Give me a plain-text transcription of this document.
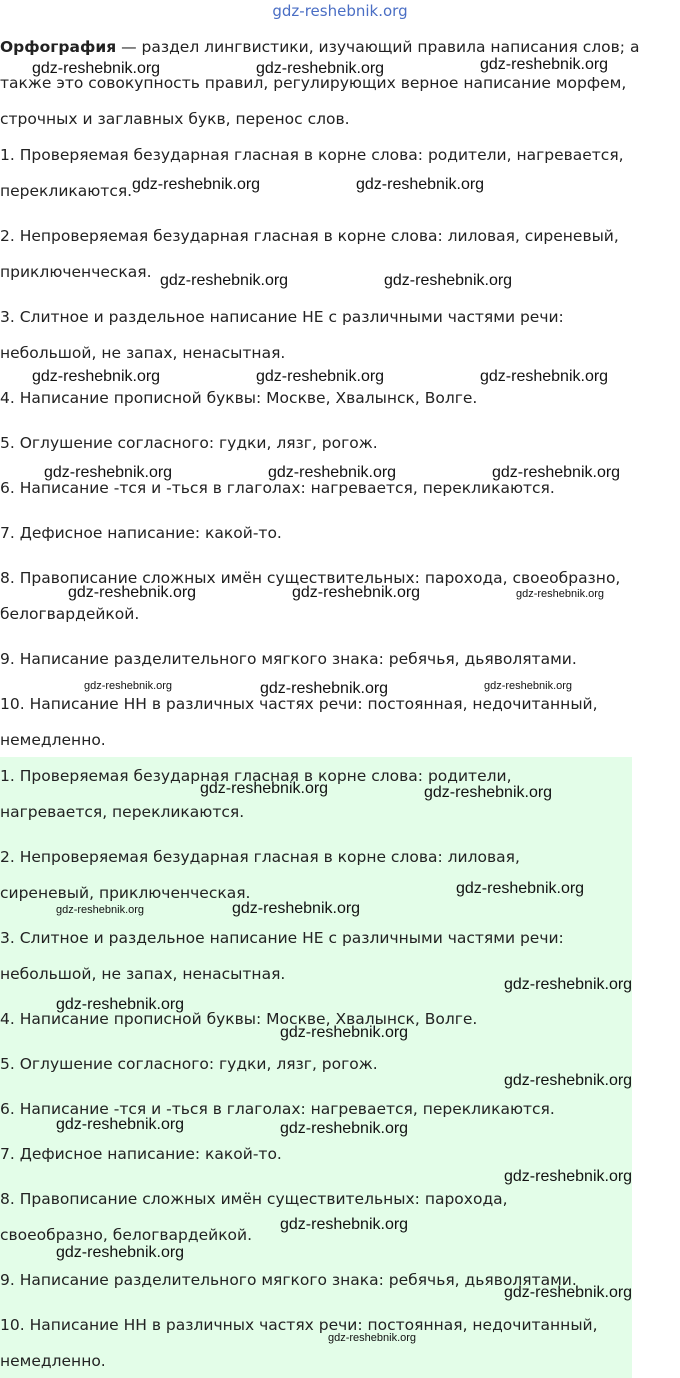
gdz-reshebnik.org
Орфография — раздел лингвистики, изучающий правила написания слов; а
также это совокупность правил, регулирующих верное написание морфем,
строчных и заглавных букв, перенос слов.
1. Проверяемая безударная гласная в корне слова: родители, нагревается,
перекликаются.
2. Непроверяемая безударная гласная в корне слова: лиловая, сиреневый,
приключенческая.
3. Слитное и раздельное написание НЕ с различными частями речи:
небольшой, не запах, ненасытная.
4. Написание прописной буквы: Москве, Хвалынск, Волге.
5. Оглушение согласного: гудки, лязг, рогож.
6. Написание -тся и -ться в глаголах: нагревается, перекликаются.
7. Дефисное написание: какой-то.
8. Правописание сложных имён существительных: парохода, своеобразно,
белогвардейкой.
9. Написание разделительного мягкого знака: ребячья, дьяволятами.
10. Написание НН в различных частях речи: постоянная, недочитанный,
немедленно.
1. Проверяемая безударная гласная в корне слова: родители,
нагревается, перекликаются.
2. Непроверяемая безударная гласная в корне слова: лиловая,
сиреневый, приключенческая.
3. Слитное и раздельное написание НЕ с различными частями речи:
небольшой, не запах, ненасытная.
4. Написание прописной буквы: Москве, Хвалынск, Волге.
5. Оглушение согласного: гудки, лязг, рогож.
6. Написание -тся и -ться в глаголах: нагревается, перекликаются.
7. Дефисное написание: какой-то.
8. Правописание сложных имён существительных: парохода,
своеобразно, белогвардейкой.
9. Написание разделительного мягкого знака: ребячья, дьяволятами.
10. Написание НН в различных частях речи: постоянная, недочитанный,
немедленно.
gdz-reshebnik.org	gdz-reshebnik.org	gdz-reshebnik.org
gdz-reshebnik.org	gdz-reshebnik.org
gdz-reshebnik.org	gdz-reshebnik.org
gdz-reshebnik.org	gdz-reshebnik.org	gdz-reshebnik.org
gdz-reshebnik.org	gdz-reshebnik.org	gdz-reshebnik.org
gdz-reshebnik.org	gdz-reshebnik.org	gdz-reshebnik.org
gdz-reshebnik.org	gdz-reshebnik.org	gdz-reshebnik.org
gdz-reshebnik.org	gdz-reshebnik.org
gdz-reshebnik.org
gdz-reshebnik.org	gdz-reshebnik.org
gdz-reshebnik.org
gdz-reshebnik.org
gdz-reshebnik.org
gdz-reshebnik.org
gdz-reshebnik.org	gdz-reshebnik.org
gdz-reshebnik.org
gdz-reshebnik.org
gdz-reshebnik.org
gdz-reshebnik.org
gdz-reshebnik.org
